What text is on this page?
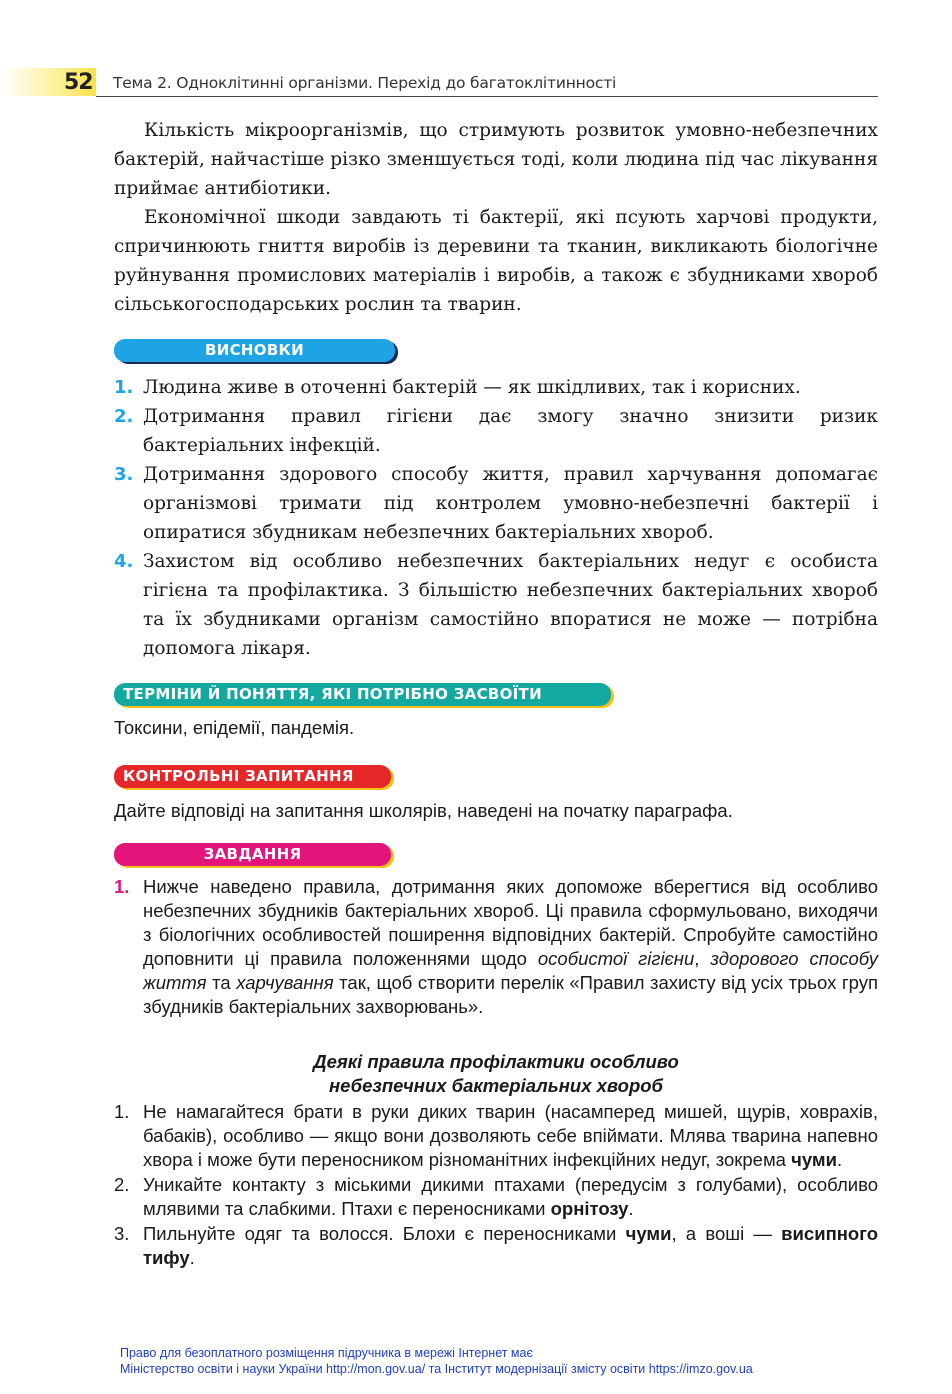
52 Тема 2. Одноклітинні організми. Перехід до багатоклітинності

Кількість мікроорганізмів, що стримують розвиток умовно-небезпечних бактерій, найчастіше різко зменшується тоді, коли людина під час лікування приймає антибіотики.

Економічної шкоди завдають ті бактерії, які псують харчові продукти, спричинюють гниття виробів із деревини та тканин, викликають біологічне руйнування промислових матеріалів і виробів, а також є збудниками хвороб сільськогосподарських рослин та тварин.

ВИСНОВКИ
1. Людина живе в оточенні бактерій — як шкідливих, так і корисних.
2. Дотримання правил гігієни дає змогу значно знизити ризик бактеріальних інфекцій.
3. Дотримання здорового способу життя, правил харчування допомагає організмові тримати під контролем умовно-небезпечні бактерії і опиратися збудникам небезпечних бактеріальних хвороб.
4. Захистом від особливо небезпечних бактеріальних недуг є особиста гігієна та профілактика. З більшістю небезпечних бактеріальних хвороб та їх збудниками організм самостійно впоратися не може — потрібна допомога лікаря.
ТЕРМІНИ Й ПОНЯТТЯ, ЯКІ ПОТРІБНО ЗАСВОЇТИ

Токсини, епідемії, пандемія.

КОНТРОЛЬНІ ЗАПИТАННЯ

Дайте відповіді на запитання школярів, наведені на початку параграфа.

ЗАВДАННЯ
1. Нижче наведено правила, дотримання яких допоможе вберегтися від особливо небезпечних збудників бактеріальних хвороб. Ці правила сформульовано, виходячи з біологічних особливостей поширення відповідних бактерій. Спробуйте самостійно доповнити ці правила положеннями щодо особистої гігієни, здорового способу життя та харчування так, щоб створити перелік «Правил захисту від усіх трьох груп збудників бактеріальних захворювань».

Деякі правила профілактики особливо
небезпечних бактеріальних хвороб
1. Не намагайтеся брати в руки диких тварин (насамперед мишей, щурів, ховрахів, бабаків), особливо — якщо вони дозволяють себе впіймати. Млява тварина напевно хвора і може бути переносником різноманітних інфекційних недуг, зокрема чуми.
2. Уникайте контакту з міськими дикими птахами (передусім з голубами), особливо млявими та слабкими. Птахи є переносниками орнітозу.
3. Пильнуйте одяг та волосся. Блохи є переносниками чуми, а воші — висипного тифу.
Право для безоплатного розміщення підручника в мережі Інтернет має
Міністерство освіти і науки України http://mon.gov.ua/ та Інститут модернізації змісту освіти https://imzo.gov.ua
